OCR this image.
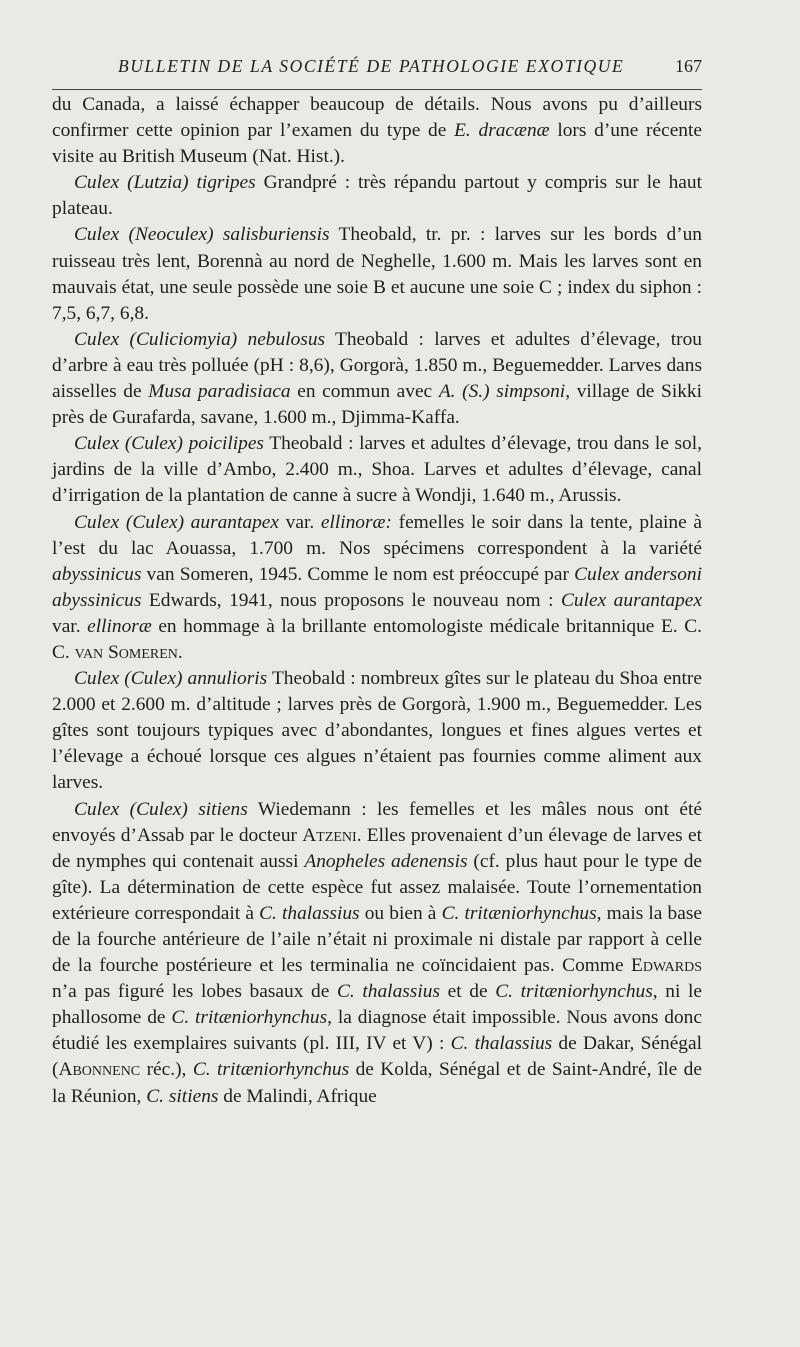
BULLETIN DE LA SOCIÉTÉ DE PATHOLOGIE EXOTIQUE	167

du Canada, a laissé échapper beaucoup de détails. Nous avons pu d’ailleurs confirmer cette opinion par l’examen du type de E. dracænæ lors d’une récente visite au British Museum (Nat. Hist.).

Culex (Lutzia) tigripes Grandpré : très répandu partout y compris sur le haut plateau.

Culex (Neoculex) salisburiensis Theobald, tr. pr. : larves sur les bords d’un ruisseau très lent, Borennà au nord de Neghelle, 1.600 m. Mais les larves sont en mauvais état, une seule possède une soie B et aucune une soie C ; index du siphon : 7,5, 6,7, 6,8.

Culex (Culiciomyia) nebulosus Theobald : larves et adultes d’élevage, trou d’arbre à eau très polluée (pH : 8,6), Gorgorà, 1.850 m., Beguemedder. Larves dans aisselles de Musa paradisiaca en commun avec A. (S.) simpsoni, village de Sikki près de Gurafarda, savane, 1.600 m., Djimma-Kaffa.

Culex (Culex) poicilipes Theobald : larves et adultes d’élevage, trou dans le sol, jardins de la ville d’Ambo, 2.400 m., Shoa. Larves et adultes d’élevage, canal d’irrigation de la plantation de canne à sucre à Wondji, 1.640 m., Arussis.

Culex (Culex) aurantapex var. ellinoræ: femelles le soir dans la tente, plaine à l’est du lac Aouassa, 1.700 m. Nos spécimens correspondent à la variété abyssinicus van Someren, 1945. Comme le nom est préoccupé par Culex andersoni abyssinicus Edwards, 1941, nous proposons le nouveau nom : Culex aurantapex var. ellinoræ en hommage à la brillante entomologiste médicale britannique E. C. C. van Someren.

Culex (Culex) annulioris Theobald : nombreux gîtes sur le plateau du Shoa entre 2.000 et 2.600 m. d’altitude ; larves près de Gorgorà, 1.900 m., Beguemedder. Les gîtes sont toujours typiques avec d’abondantes, longues et fines algues vertes et l’élevage a échoué lorsque ces algues n’étaient pas fournies comme aliment aux larves.

Culex (Culex) sitiens Wiedemann : les femelles et les mâles nous ont été envoyés d’Assab par le docteur Atzeni. Elles provenaient d’un élevage de larves et de nymphes qui contenait aussi Anopheles adenensis (cf. plus haut pour le type de gîte). La détermination de cette espèce fut assez malaisée. Toute l’ornementation extérieure correspondait à C. thalassius ou bien à C. tritæniorhynchus, mais la base de la fourche antérieure de l’aile n’était ni proximale ni distale par rapport à celle de la fourche postérieure et les terminalia ne coïncidaient pas. Comme Edwards n’a pas figuré les lobes basaux de C. thalassius et de C. tritæniorhynchus, ni le phallosome de C. tritæniorhynchus, la diagnose était impossible. Nous avons donc étudié les exemplaires suivants (pl. III, IV et V) : C. thalassius de Dakar, Sénégal (Abonnenc réc.), C. tritæniorhynchus de Kolda, Sénégal et de Saint-André, île de la Réunion, C. sitiens de Malindi, Afrique
